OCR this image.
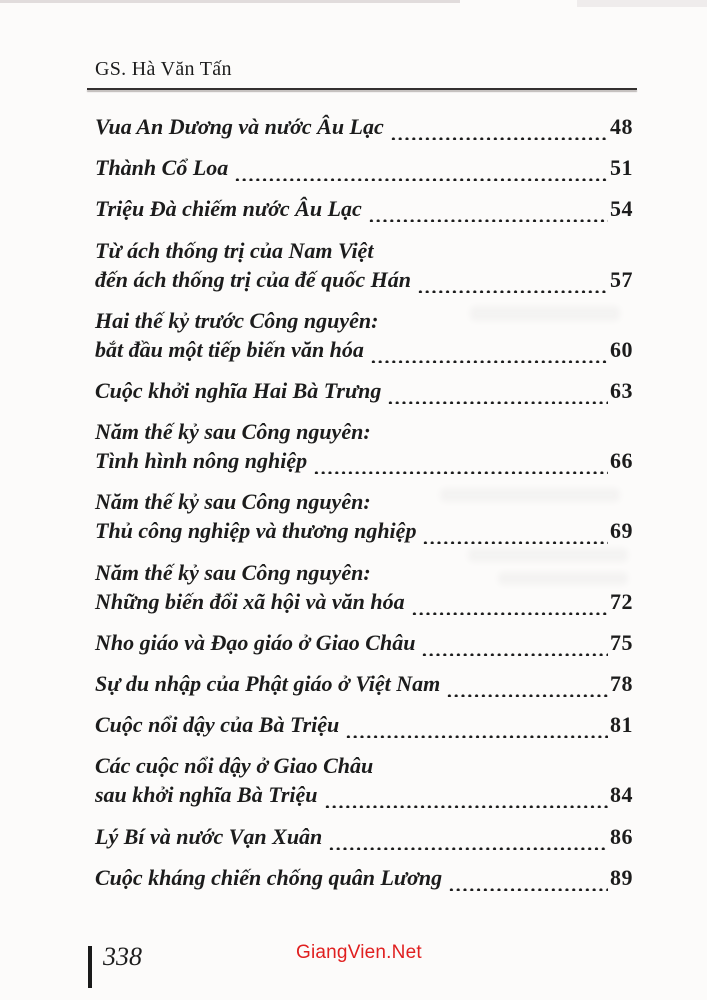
GS. Hà Văn Tấn
Vua An Dương và nước Âu Lạc	48
Thành Cổ Loa	51
Triệu Đà chiếm nước Âu Lạc	54
Từ ách thống trị của Nam Việt
đến ách thống trị của đế quốc Hán	57
Hai thế kỷ trước Công nguyên:
bắt đầu một tiếp biến văn hóa	60
Cuộc khởi nghĩa Hai Bà Trưng	63
Năm thế kỷ sau Công nguyên:
Tình hình nông nghiệp	66
Năm thế kỷ sau Công nguyên:
Thủ công nghiệp và thương nghiệp	69
Năm thế kỷ sau Công nguyên:
Những biến đổi xã hội và văn hóa	72
Nho giáo và Đạo giáo ở Giao Châu	75
Sự du nhập của Phật giáo ở Việt Nam	78
Cuộc nổi dậy của Bà Triệu	81
Các cuộc nổi dậy ở Giao Châu
sau khởi nghĩa Bà Triệu	84
Lý Bí và nước Vạn Xuân	86
Cuộc kháng chiến chống quân Lương	89
338	GiangVien.Net
